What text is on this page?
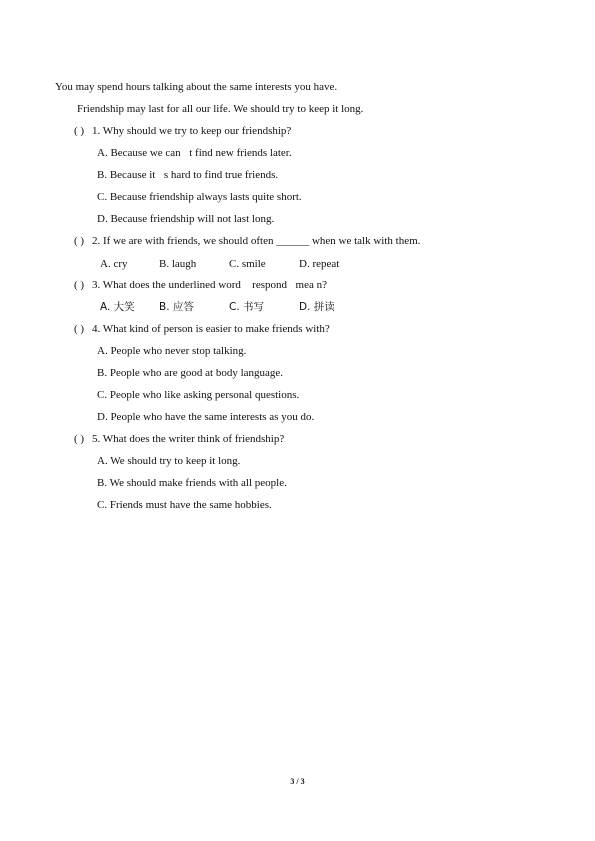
You may spend hours talking about the same interests you have.
Friendship may last for all our life. We should try to keep it long.
( ) 1. Why should we try to keep our friendship?
A. Because we can t find new friends later.
B. Because it s hard to find true friends.
C. Because friendship always lasts quite short.
D. Because friendship will not last long.
( ) 2. If we are with friends, we should often ______ when we talk with them.
A. cry	B. laugh	C. smile	D. repeat
( ) 3. What does the underlined word  respond mea n?
A. 大笑 B. 应答	C. 书写	D. 拼读
( ) 4. What kind of person is easier to make friends with?
A. People who never stop talking.
B. People who are good at body language.
C. People who like asking personal questions.
D. People who have the same interests as you do.
( ) 5. What does the writer think of friendship?
A. We should try to keep it long.
B. We should make friends with all people.
C. Friends must have the same hobbies.
3 / 3
